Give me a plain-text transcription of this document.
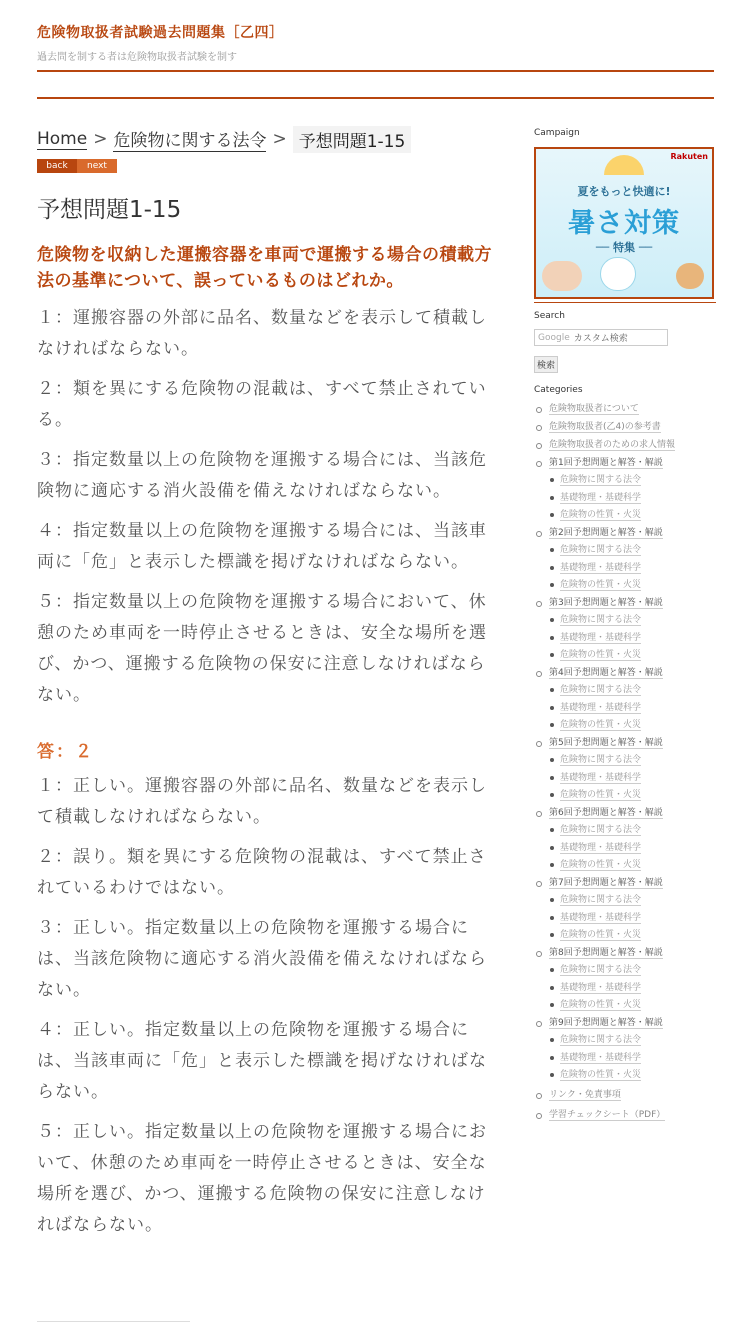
危険物取扱者試験過去問題集［乙四］
過去問を制する者は危険物取扱者試験を制す
Home > 危険物に関する法令 > 予想問題1-15
back	next
予想問題1-15

危険物を収納した運搬容器を車両で運搬する場合の積載方法の基準について、誤っているものはどれか。

１：運搬容器の外部に品名、数量などを表示して積載しなければならない。

２：類を異にする危険物の混載は、すべて禁止されている。

３：指定数量以上の危険物を運搬する場合には、当該危険物に適応する消火設備を備えなければならない。

４：指定数量以上の危険物を運搬する場合には、当該車両に「危」と表示した標識を掲げなければならない。

５：指定数量以上の危険物を運搬する場合において、休憩のため車両を一時停止させるときは、安全な場所を選び、かつ、運搬する危険物の保安に注意しなければならない。

答：２

１：正しい。運搬容器の外部に品名、数量などを表示して積載しなければならない。

２：誤り。類を異にする危険物の混載は、すべて禁止されているわけではない。

３：正しい。指定数量以上の危険物を運搬する場合には、当該危険物に適応する消火設備を備えなければならない。

４：正しい。指定数量以上の危険物を運搬する場合には、当該車両に「危」と表示した標識を掲げなければならない。

５：正しい。指定数量以上の危険物を運搬する場合において、休憩のため車両を一時停止させるときは、安全な場所を選び、かつ、運搬する危険物の保安に注意しなければならない。

Campaign
Rakuten
夏をもっと快適に!
暑さ対策
── 特集 ──
Search
Google カスタム検索
検索
Categories
危険物取扱者について
危険物取扱者(乙4)の参考書
危険物取扱者のための求人情報
第1回予想問題と解答・解説
危険物に関する法令
基礎物理・基礎科学
危険物の性質・火災
第2回予想問題と解答・解説
危険物に関する法令
基礎物理・基礎科学
危険物の性質・火災
第3回予想問題と解答・解説
危険物に関する法令
基礎物理・基礎科学
危険物の性質・火災
第4回予想問題と解答・解説
危険物に関する法令
基礎物理・基礎科学
危険物の性質・火災
第5回予想問題と解答・解説
危険物に関する法令
基礎物理・基礎科学
危険物の性質・火災
第6回予想問題と解答・解説
危険物に関する法令
基礎物理・基礎科学
危険物の性質・火災
第7回予想問題と解答・解説
危険物に関する法令
基礎物理・基礎科学
危険物の性質・火災
第8回予想問題と解答・解説
危険物に関する法令
基礎物理・基礎科学
危険物の性質・火災
第9回予想問題と解答・解説
危険物に関する法令
基礎物理・基礎科学
危険物の性質・火災
リンク・免責事項
学習チェックシート（PDF）
